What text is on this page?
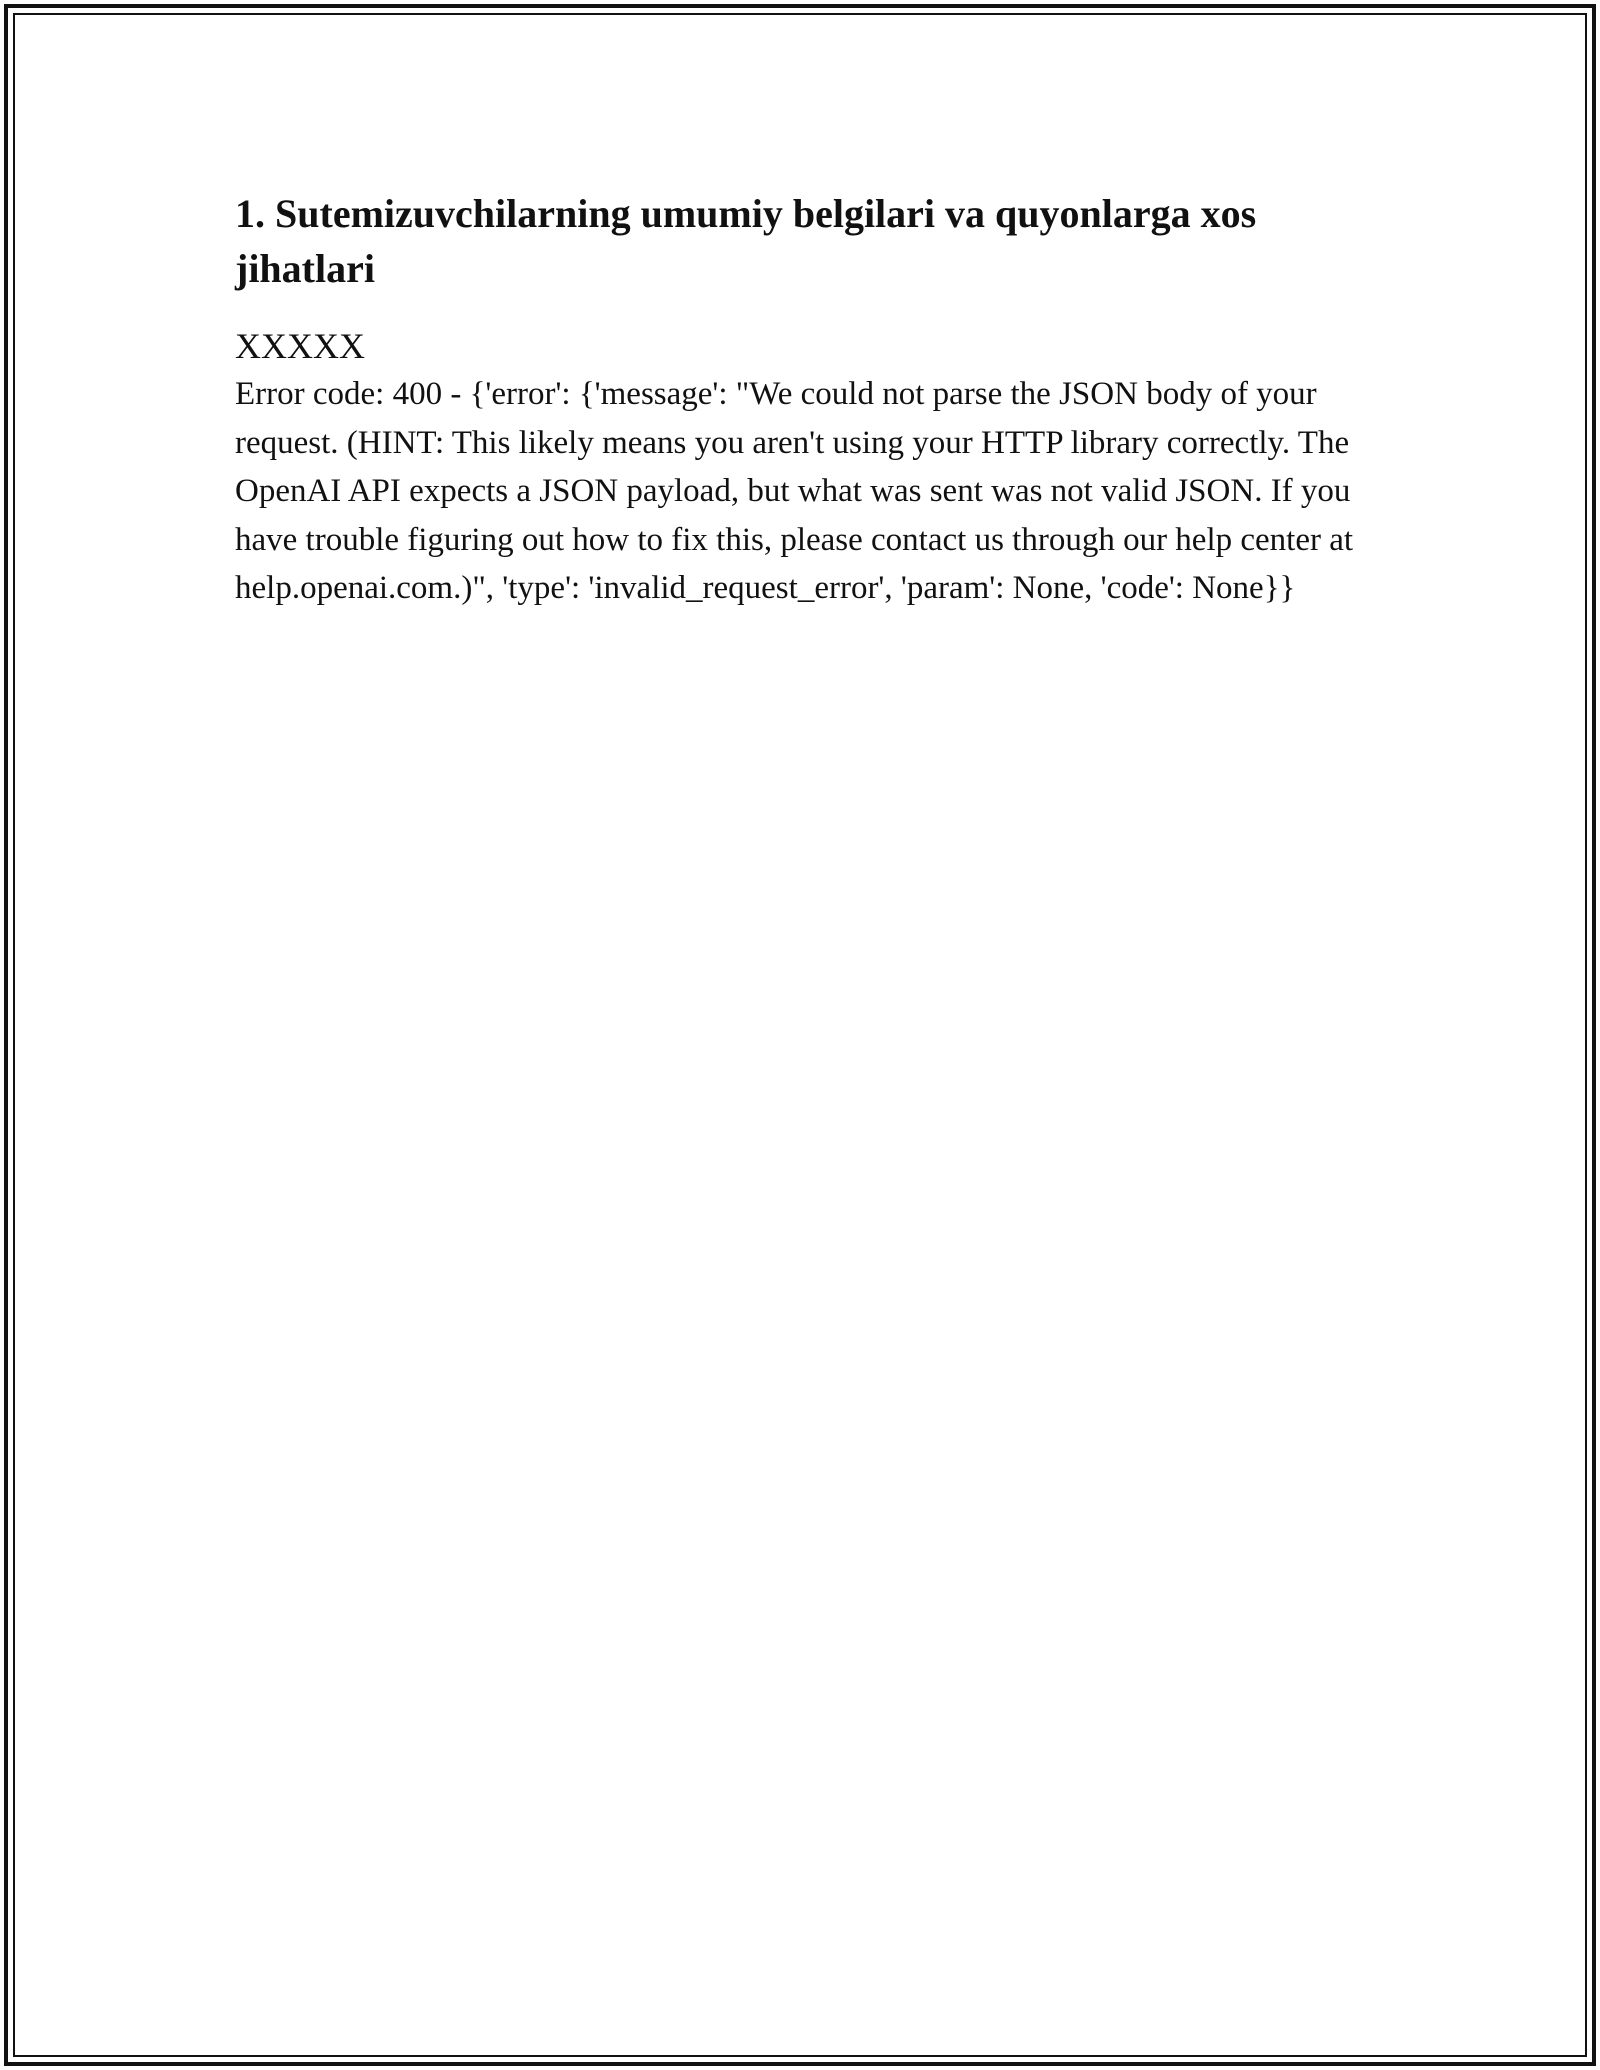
1. Sutemizuvchilarning umumiy belgilari va quyonlarga xos jihatlari
XXXXX

Error code: 400 - {'error': {'message': "We could not parse the JSON body of your request. (HINT: This likely means you aren't using your HTTP library correctly. The OpenAI API expects a JSON payload, but what was sent was not valid JSON. If you have trouble figuring out how to fix this, please contact us through our help center at help.openai.com.)", 'type': 'invalid_request_error', 'param': None, 'code': None}}
